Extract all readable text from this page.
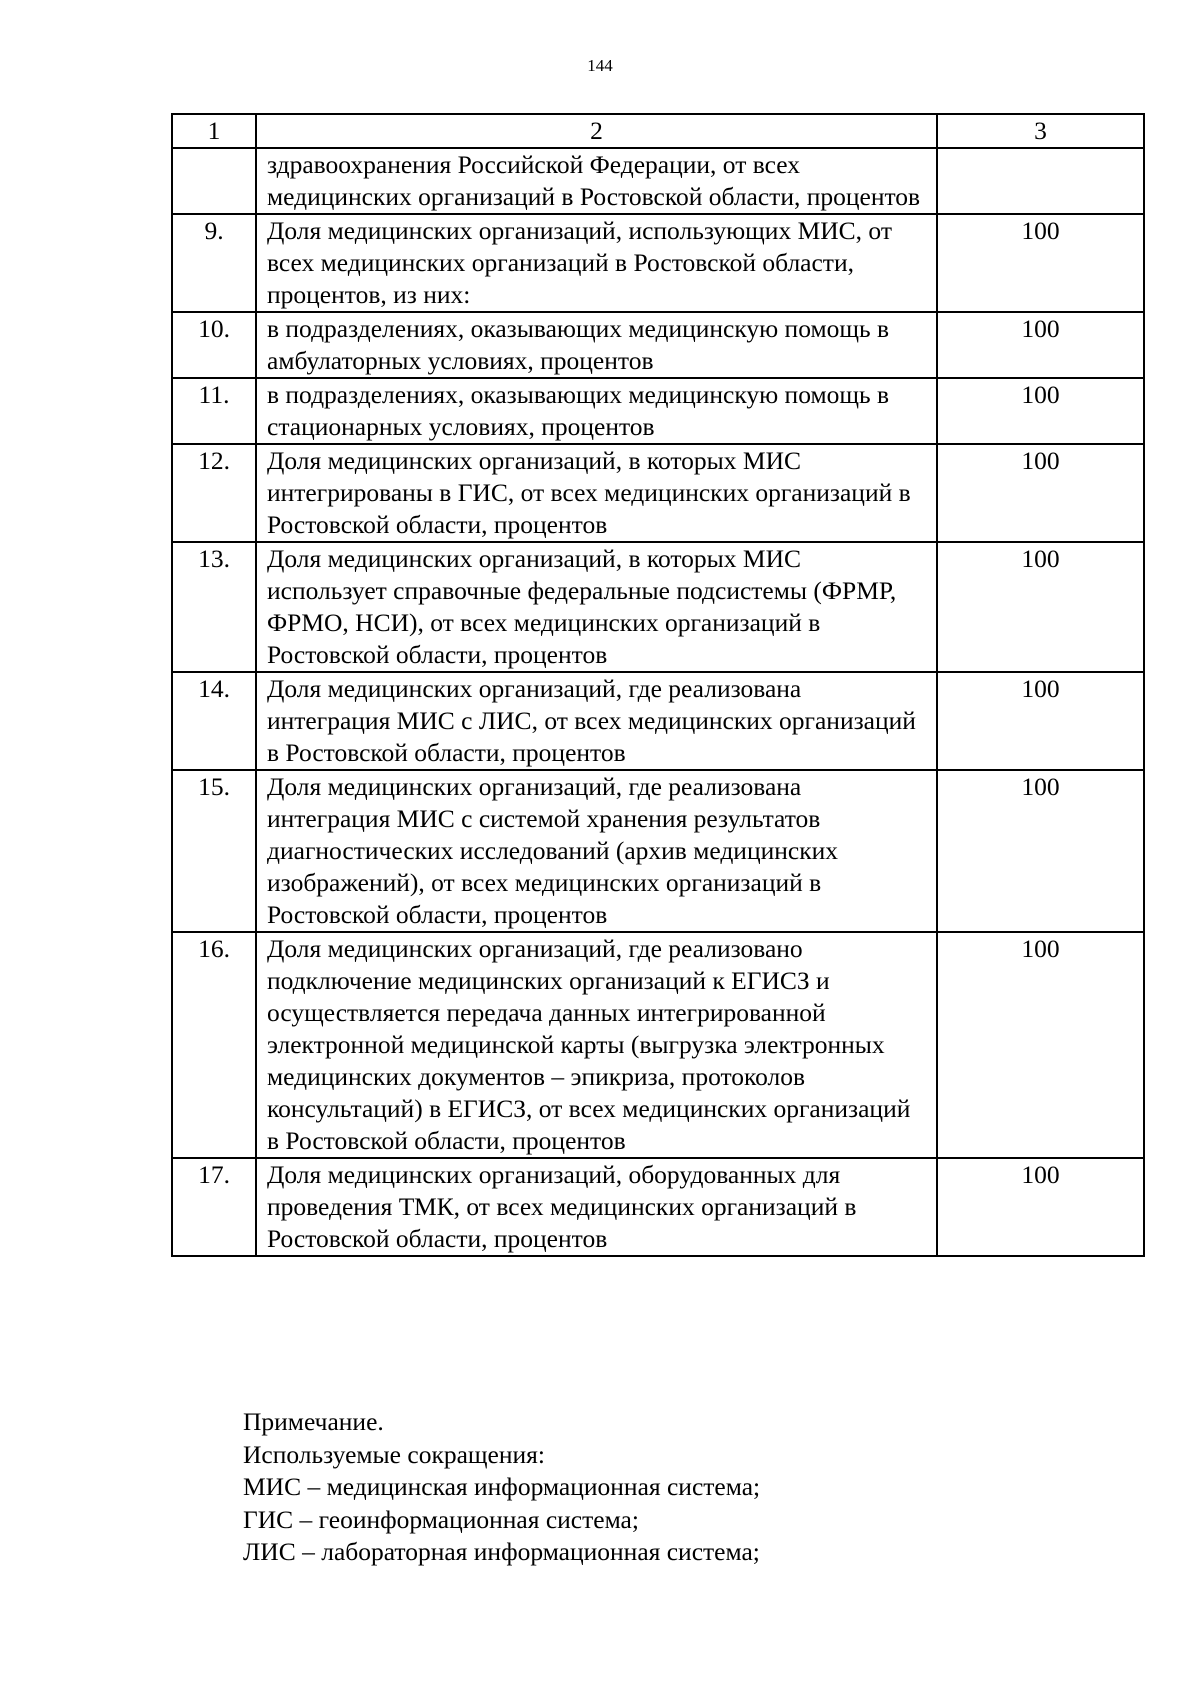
144
1	2	3
	здравоохранения Российской Федерации, от всех медицинских организаций в Ростовской области, процентов	
9.	Доля медицинских организаций, использующих МИС, от всех медицинских организаций в Ростовской области, процентов, из них:	100
10.	в подразделениях, оказывающих медицинскую помощь в амбулаторных условиях, процентов	100
11.	в подразделениях, оказывающих медицинскую помощь в стационарных условиях, процентов	100
12.	Доля медицинских организаций, в которых МИС интегрированы в ГИС, от всех медицинских организаций в Ростовской области, процентов	100
13.	Доля медицинских организаций, в которых МИС использует справочные федеральные подсистемы (ФРМР, ФРМО, НСИ), от всех медицинских организаций в Ростовской области, процентов	100
14.	Доля медицинских организаций, где реализована интеграция МИС с ЛИС, от всех медицинских организаций в Ростовской области, процентов	100
15.	Доля медицинских организаций, где реализована интеграция МИС с системой хранения результатов диагностических исследований (архив медицинских изображений), от всех медицинских организаций в Ростовской области, процентов	100
16.	Доля медицинских организаций, где реализовано подключение медицинских организаций к ЕГИСЗ и осуществляется передача данных интегрированной электронной медицинской карты (выгрузка электронных медицинских документов – эпикриза, протоколов консультаций) в ЕГИСЗ, от всех медицинских организаций в Ростовской области, процентов	100
17.	Доля медицинских организаций, оборудованных для проведения ТМК, от всех медицинских организаций в Ростовской области, процентов	100
Примечание.
Используемые сокращения:
МИС – медицинская информационная система;
ГИС – геоинформационная система;
ЛИС – лабораторная информационная система;
